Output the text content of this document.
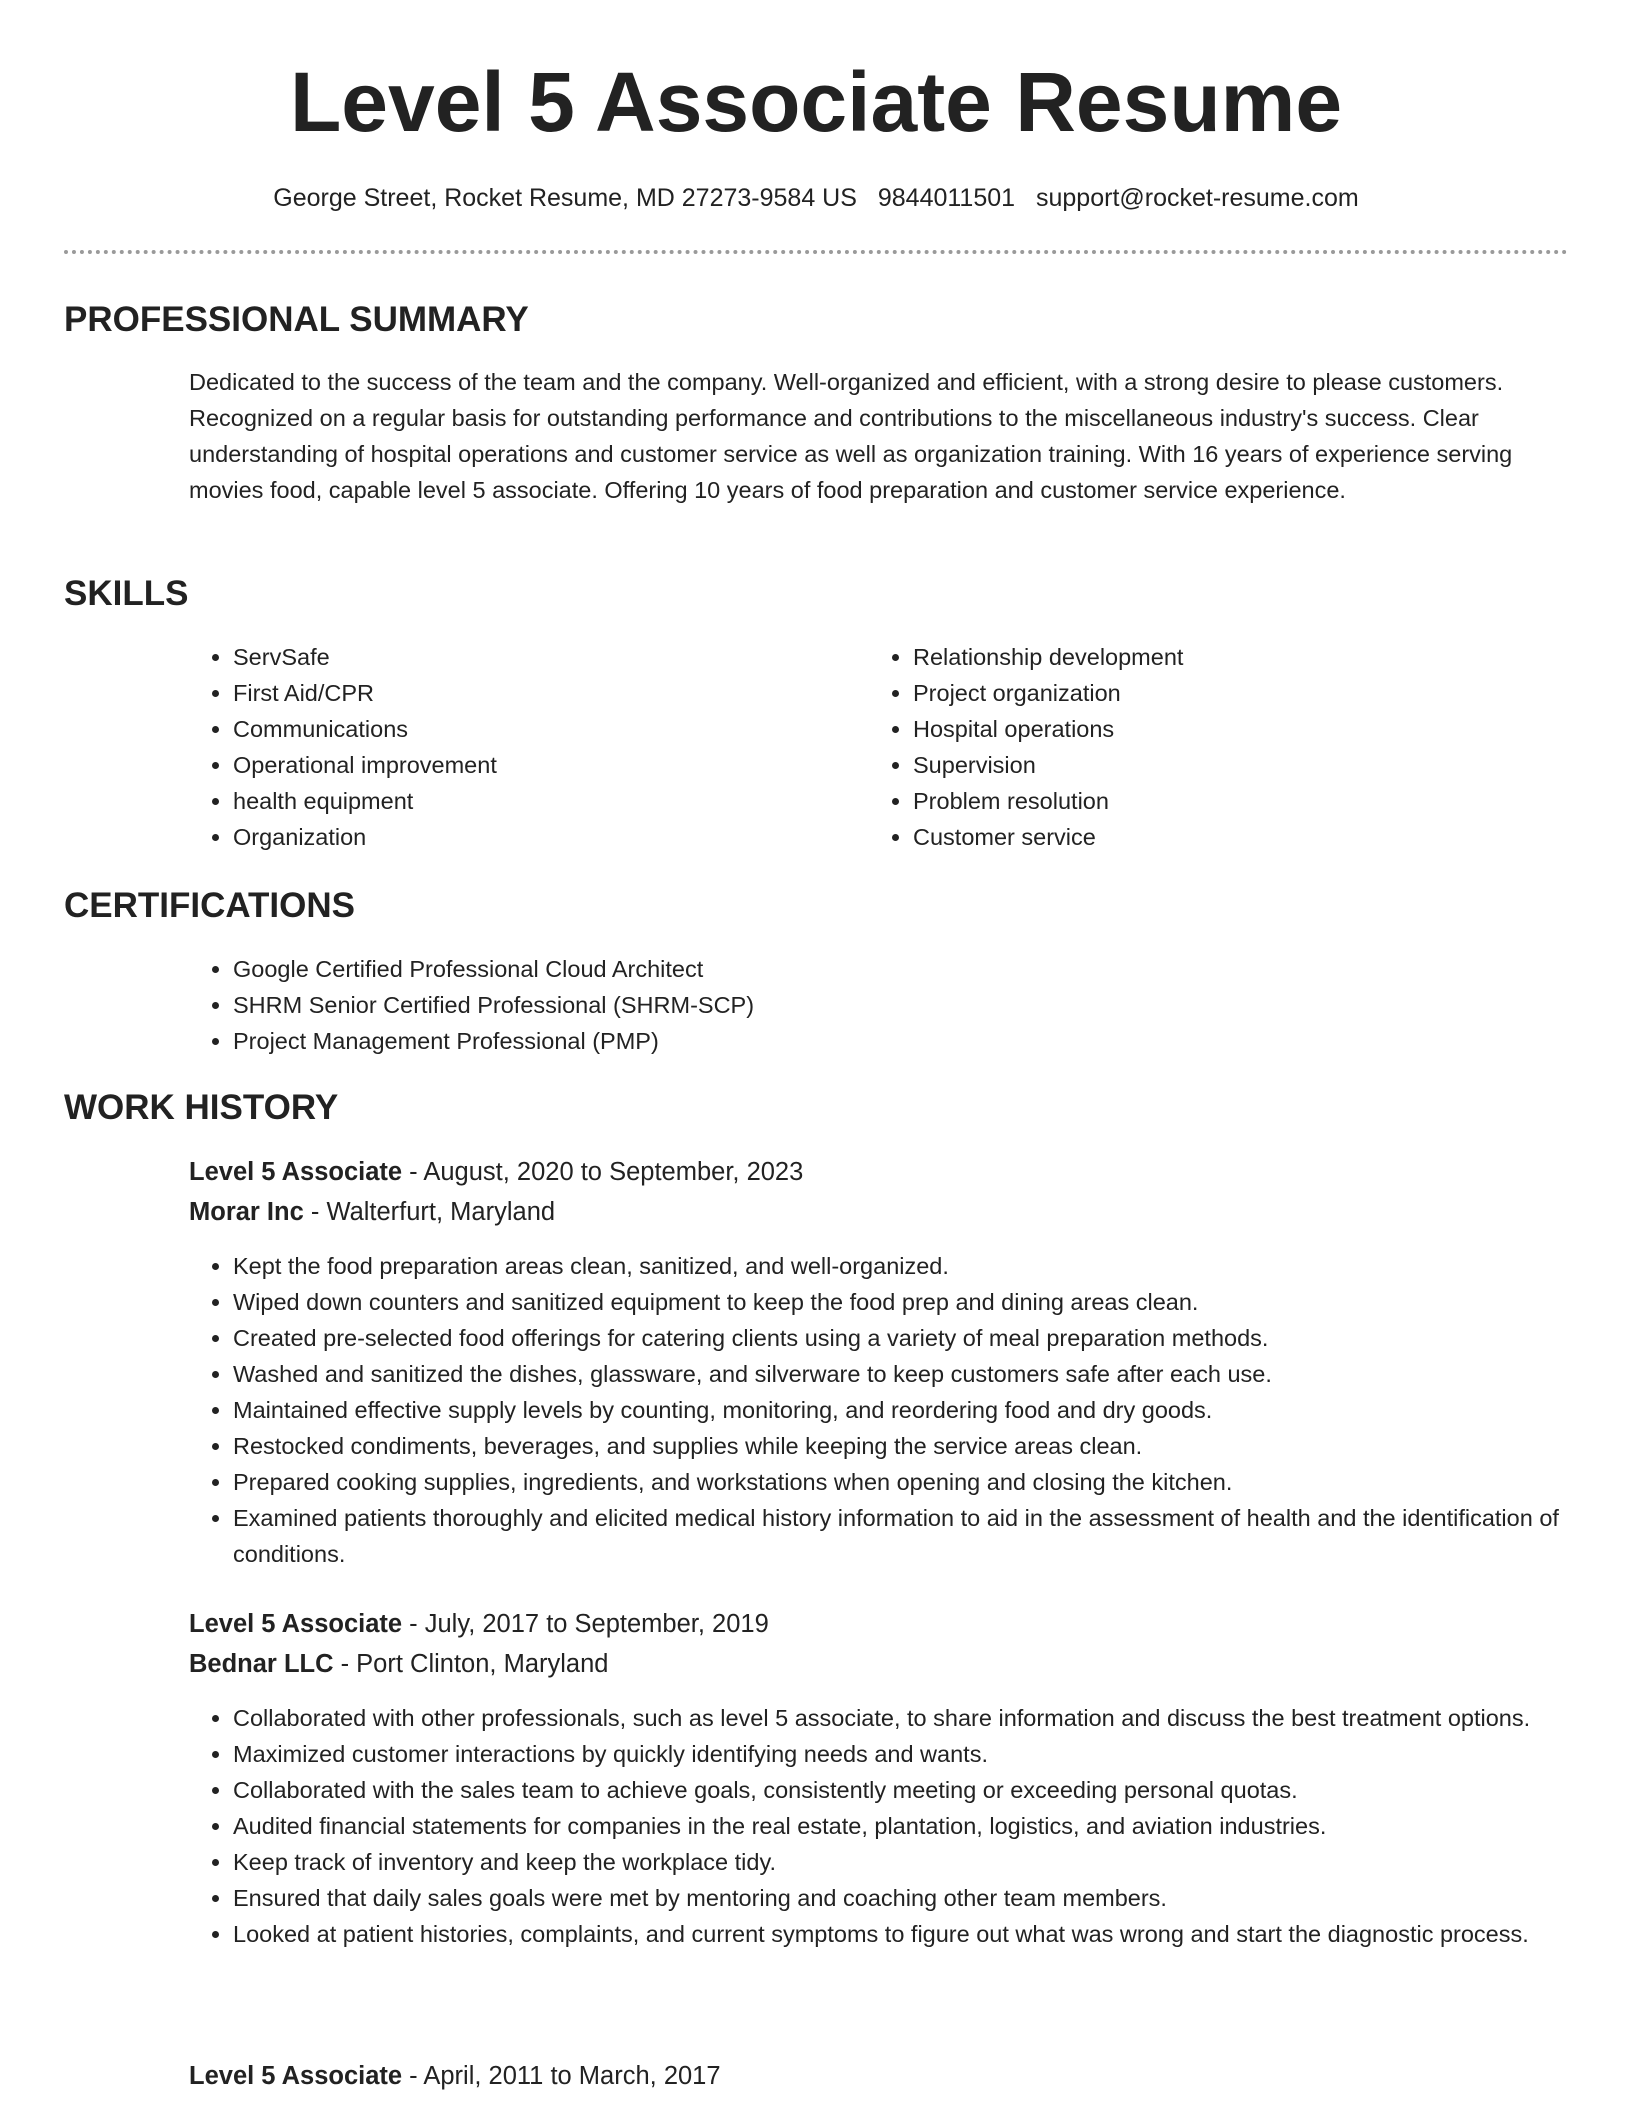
Level 5 Associate Resume
George Street, Rocket Resume, MD 27273-9584 US 9844011501 support@rocket-resume.com
PROFESSIONAL SUMMARY

Dedicated to the success of the team and the company. Well-organized and efficient, with a strong desire to please customers. Recognized on a regular basis for outstanding performance and contributions to the miscellaneous industry's success. Clear understanding of hospital operations and customer service as well as organization training. With 16 years of experience serving movies food, capable level 5 associate. Offering 10 years of food preparation and customer service experience.

SKILLS
• ServSafe
• First Aid/CPR
• Communications
• Operational improvement
• health equipment
• Organization
• Relationship development
• Project organization
• Hospital operations
• Supervision
• Problem resolution
• Customer service
CERTIFICATIONS
• Google Certified Professional Cloud Architect
• SHRM Senior Certified Professional (SHRM-SCP)
• Project Management Professional (PMP)
WORK HISTORY
Level 5 Associate - August, 2020 to September, 2023
Morar Inc - Walterfurt, Maryland
• Kept the food preparation areas clean, sanitized, and well-organized.
• Wiped down counters and sanitized equipment to keep the food prep and dining areas clean.
• Created pre-selected food offerings for catering clients using a variety of meal preparation methods.
• Washed and sanitized the dishes, glassware, and silverware to keep customers safe after each use.
• Maintained effective supply levels by counting, monitoring, and reordering food and dry goods.
• Restocked condiments, beverages, and supplies while keeping the service areas clean.
• Prepared cooking supplies, ingredients, and workstations when opening and closing the kitchen.
• Examined patients thoroughly and elicited medical history information to aid in the assessment of health and the identification of conditions.
Level 5 Associate - July, 2017 to September, 2019
Bednar LLC - Port Clinton, Maryland
• Collaborated with other professionals, such as level 5 associate, to share information and discuss the best treatment options.
• Maximized customer interactions by quickly identifying needs and wants.
• Collaborated with the sales team to achieve goals, consistently meeting or exceeding personal quotas.
• Audited financial statements for companies in the real estate, plantation, logistics, and aviation industries.
• Keep track of inventory and keep the workplace tidy.
• Ensured that daily sales goals were met by mentoring and coaching other team members.
• Looked at patient histories, complaints, and current symptoms to figure out what was wrong and start the diagnostic process.
Level 5 Associate - April, 2011 to March, 2017
